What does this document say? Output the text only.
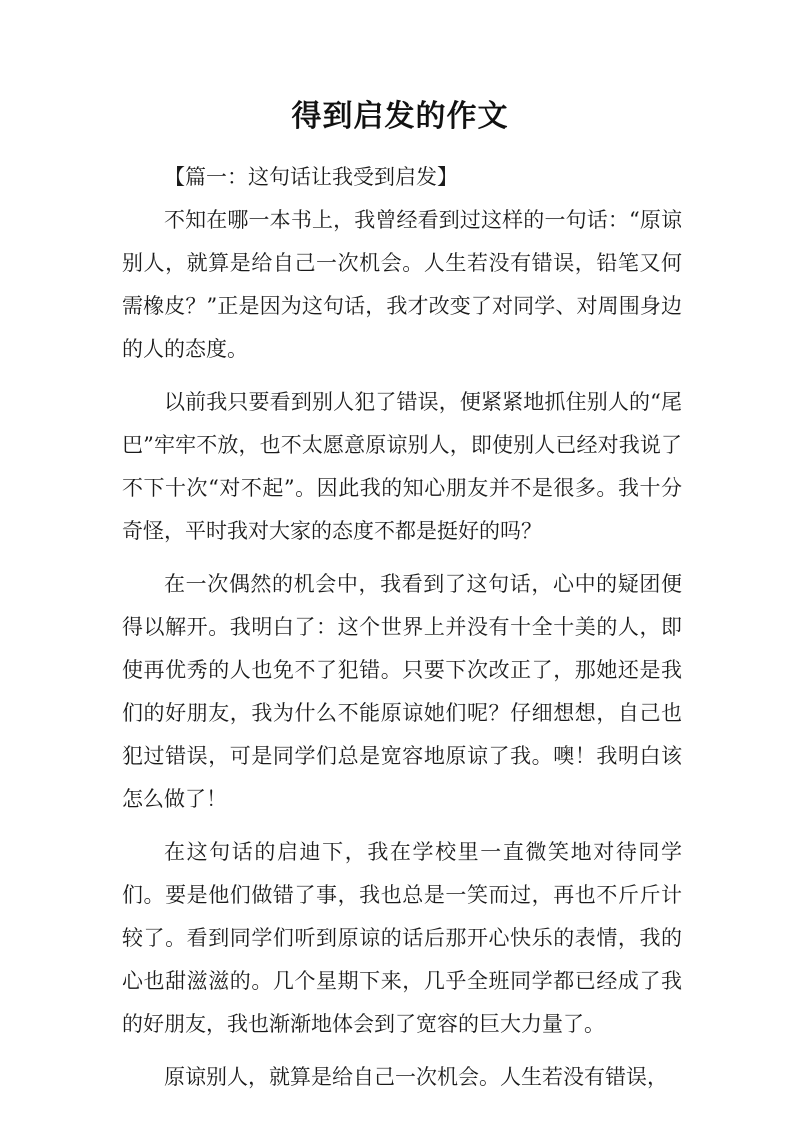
得到启发的作文

【篇一：这句话让我受到启发】

不知在哪一本书上，我曾经看到过这样的一句话：“原谅别人，就算是给自己一次机会。人生若没有错误，铅笔又何需橡皮？”正是因为这句话，我才改变了对同学、对周围身边的人的态度。

以前我只要看到别人犯了错误，便紧紧地抓住别人的“尾巴”牢牢不放，也不太愿意原谅别人，即使别人已经对我说了不下十次“对不起”。因此我的知心朋友并不是很多。我十分奇怪，平时我对大家的态度不都是挺好的吗？

在一次偶然的机会中，我看到了这句话，心中的疑团便得以解开。我明白了：这个世界上并没有十全十美的人，即使再优秀的人也免不了犯错。只要下次改正了，那她还是我们的好朋友，我为什么不能原谅她们呢？仔细想想，自己也犯过错误，可是同学们总是宽容地原谅了我。噢！我明白该怎么做了！

在这句话的启迪下，我在学校里一直微笑地对待同学们。要是他们做错了事，我也总是一笑而过，再也不斤斤计较了。看到同学们听到原谅的话后那开心快乐的表情，我的心也甜滋滋的。几个星期下来，几乎全班同学都已经成了我的好朋友，我也渐渐地体会到了宽容的巨大力量了。

原谅别人，就算是给自己一次机会。人生若没有错误，
